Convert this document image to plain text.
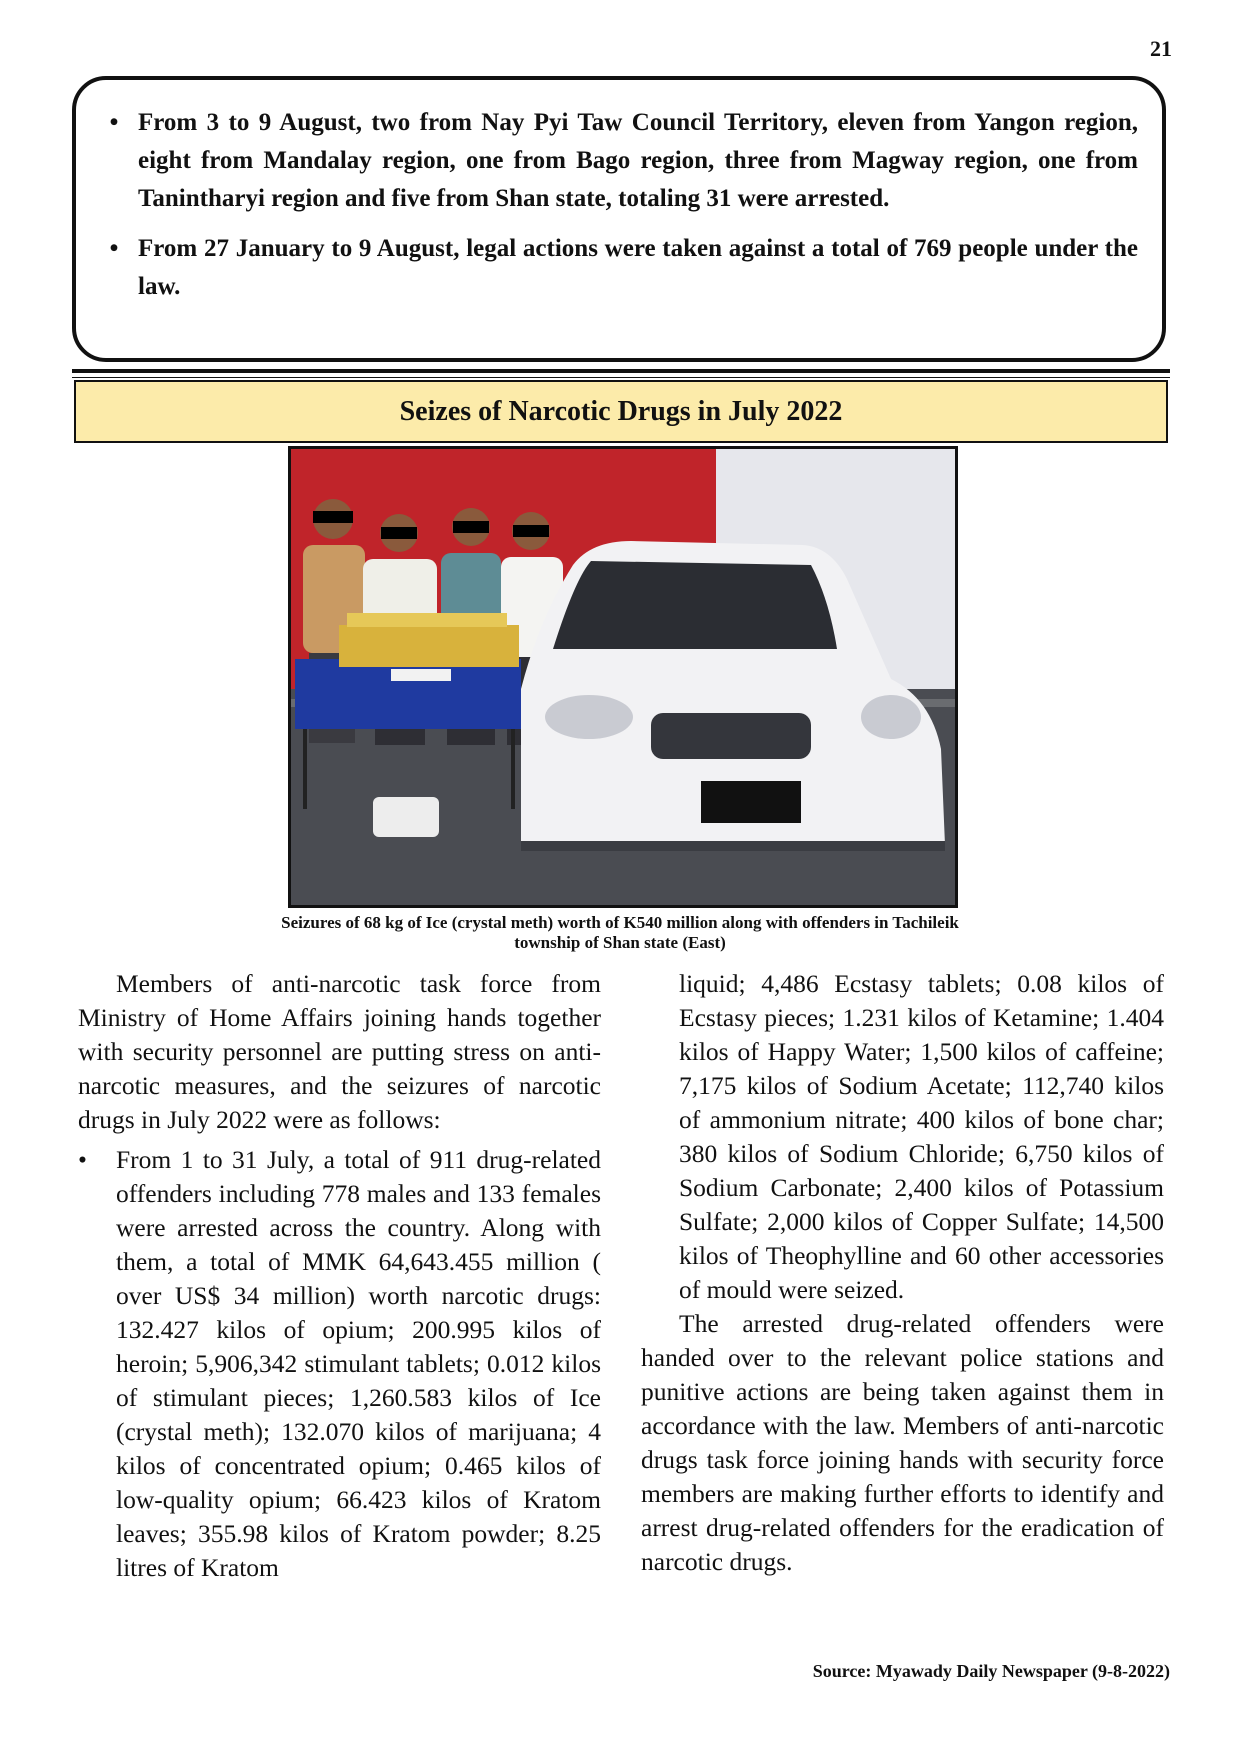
21
• From 3 to 9 August, two from Nay Pyi Taw Council Territory, eleven from Yangon region, eight from Mandalay region, one from Bago region, three from Magway region, one from Tanintharyi region and five from Shan state, totaling 31 were arrested.
• From 27 January to 9 August, legal actions were taken against a total of 769 people under the law.
Seizes of Narcotic Drugs in July 2022
Seizures of 68 kg of Ice (crystal meth) worth of K540 million along with offenders in Tachileik
township of Shan state (East)

Members of anti-narcotic task force from Ministry of Home Affairs joining hands together with security personnel are putting stress on anti-narcotic measures, and the seizures of narcotic drugs in July 2022 were as follows:

•	From 1 to 31 July, a total of 911 drug-related offenders including 778 males and 133 females were arrested across the country. Along with them, a total of MMK 64,643.455 million ( over US$ 34 million) worth narcotic drugs: 132.427 kilos of opium; 200.995 kilos of heroin; 5,906,342 stimulant tablets; 0.012 kilos of stimulant pieces; 1,260.583 kilos of Ice (crystal meth); 132.070 kilos of marijuana; 4 kilos of concentrated opium; 0.465 kilos of low-quality opium; 66.423 kilos of Kratom leaves; 355.98 kilos of Kratom powder; 8.25 litres of Kratom

liquid; 4,486 Ecstasy tablets; 0.08 kilos of Ecstasy pieces; 1.231 kilos of Ketamine; 1.404 kilos of Happy Water; 1,500 kilos of caffeine; 7,175 kilos of Sodium Acetate; 112,740 kilos of ammonium nitrate; 400 kilos of bone char; 380 kilos of Sodium Chloride; 6,750 kilos of Sodium Carbonate; 2,400 kilos of Potassium Sulfate; 2,000 kilos of Copper Sulfate; 14,500 kilos of Theophylline and 60 other accessories of mould were seized.

The arrested drug-related offenders were handed over to the relevant police stations and punitive actions are being taken against them in accordance with the law. Members of anti-narcotic drugs task force joining hands with security force members are making further efforts to identify and arrest drug-related offenders for the eradication of narcotic drugs.

Source: Myawady Daily Newspaper (9-8-2022)
